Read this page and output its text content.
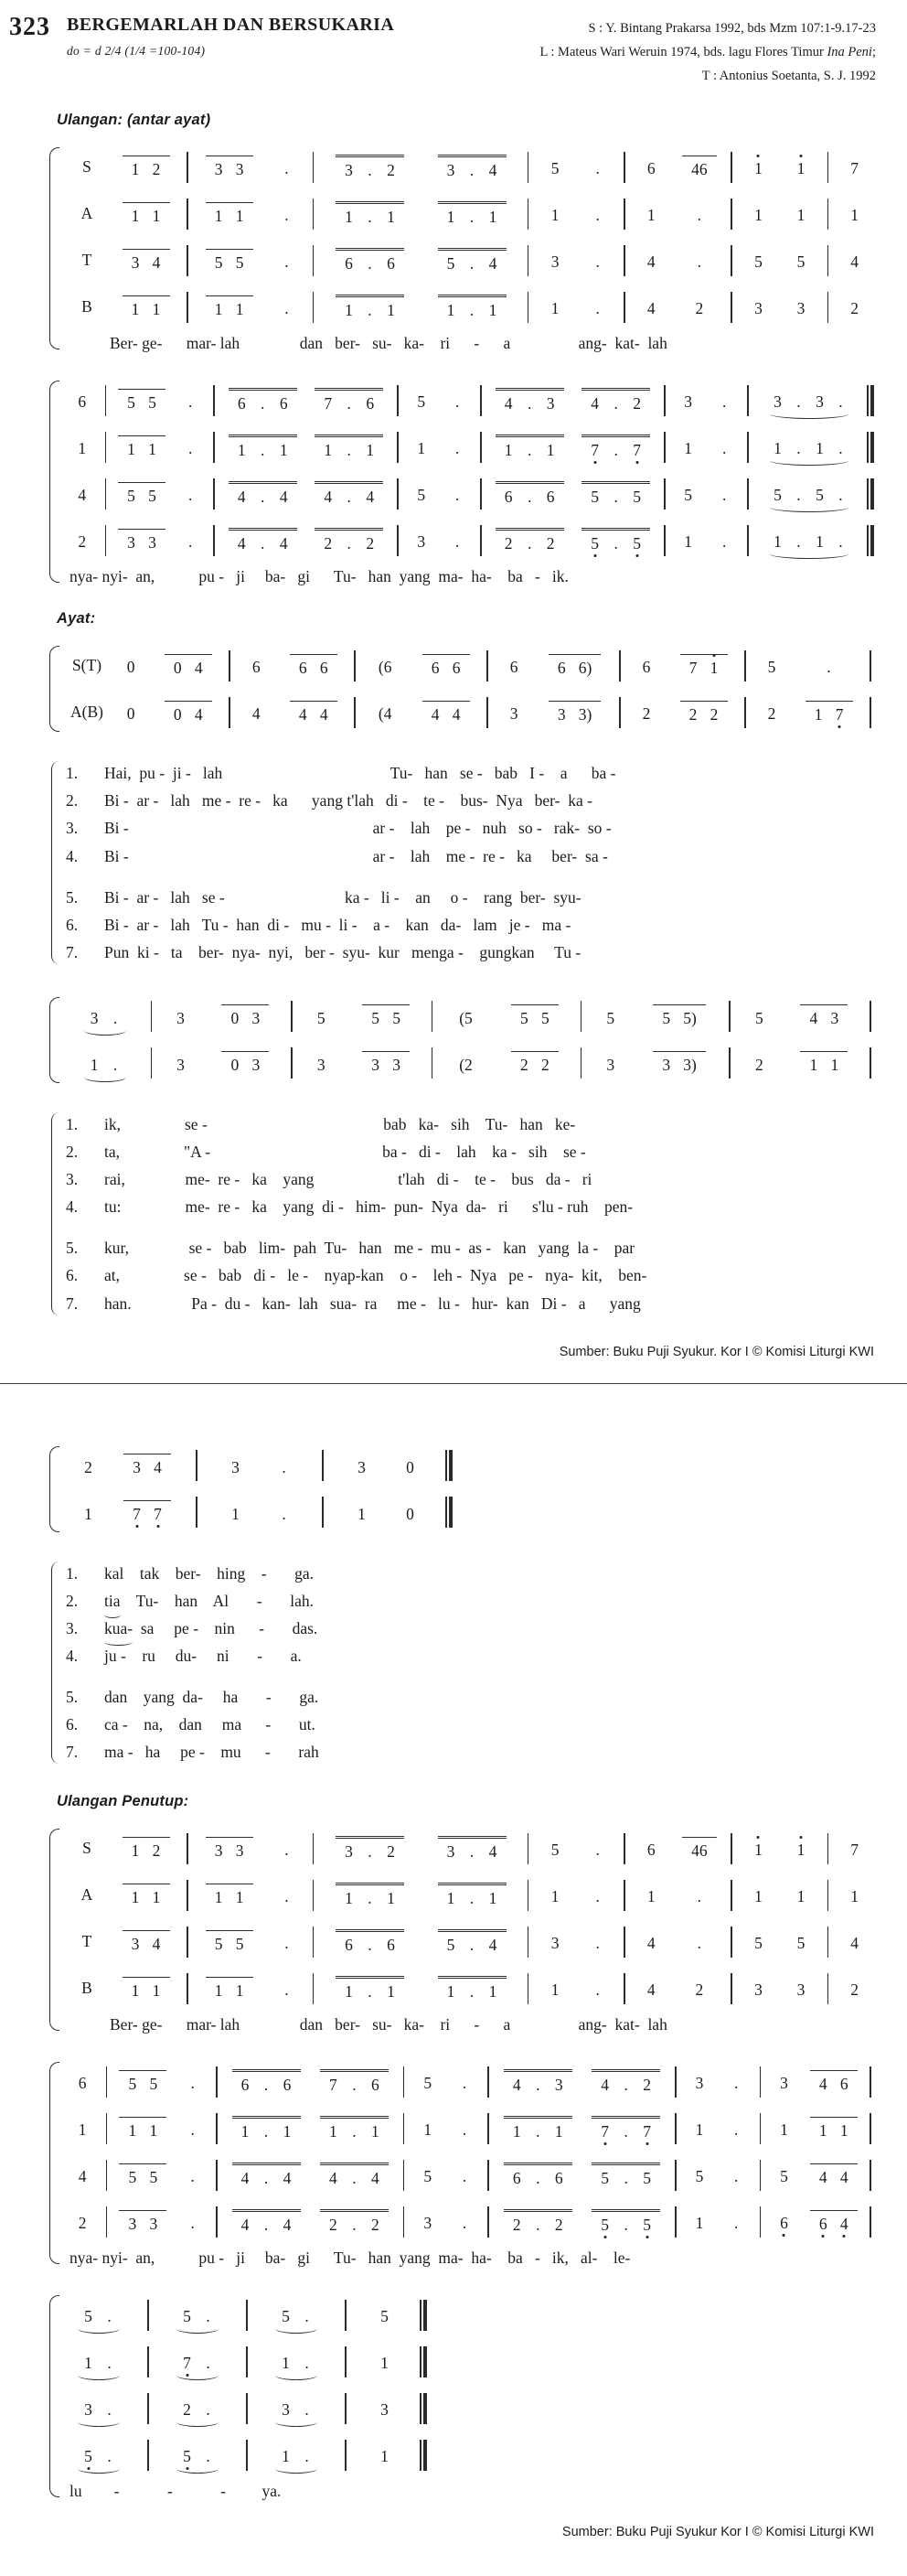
323 BERGEMARLAH DAN BERSUKARIA
do = d 2/4 (1/4 =100-104)
S : Y. Bintang Prakarsa 1992, bds Mzm 107:1-9.17-23
L : Mateus Wari Weruin 1974, bds. lagu Flores Timur Ina Peni;
T : Antonius Soetanta, S. J. 1992
Ulangan: (antar ayat)
S	1 2		3 3	.		3 . 2	3 . 4		5	.		6	46		1	1		7
A	1 1		1 1	.		1 . 1	1 . 1		1	.		1	.		1	1		1
T	3 4		5 5	.		6 . 6	5 . 4		3	.		4	.		5	5		4
B	1 1		1 1	.		1 . 1	1 . 1		1	.		4	2		3	3		2
Ber- ge-      mar- lah               dan   ber-   su-   ka-    ri      -      a                 ang-  kat-  lah
6		5 5	.		6 . 6	7 . 6		5	.		4 . 3	4 . 2		3	.		3 . 3 .	
1		1 1	.		1 . 1	1 . 1		1	.		1 . 1	7 . 7		1	.		1 . 1 .	
4		5 5	.		4 . 4	4 . 4		5	.		6 . 6	5 . 5		5	.		5 . 5 .	
2		3 3	.		4 . 4	2 . 2		3	.		2 . 2	5 . 5		1	.		1 . 1 .	
nya- nyi-  an,           pu -   ji     ba-   gi      Tu-   han  yang  ma-  ha-    ba   -   ik.
Ayat:
S(T)	0	0 4		6	6 6		(6	6 6		6	6 6)		6	7 1		5	.	
A(B)	0	0 4		4	4 4		(4	4 4		3	3 3)		2	2 2		2	1 7	
1.	Hai,  pu -  ji -   lah                                          Tu-   han   se -   bab   I -    a      ba -
2.	Bi -  ar -   lah   me -  re -   ka      yang t'lah   di -    te -    bus-  Nya   ber-  ka -
3.	Bi -                                                             ar -    lah    pe -   nuh   so -   rak-  so -
4.	Bi -                                                             ar -    lah    me -  re -   ka     ber-  sa -
5.	Bi -  ar -   lah   se -                              ka -   li -    an     o -    rang  ber-  syu-
6.	Bi -  ar -   lah   Tu -  han  di -   mu -  li -    a -    kan   da-   lam   je -   ma -
7.	Pun  ki -   ta    ber-  nya-  nyi,   ber -  syu-  kur   menga -    gungkan     Tu -
3 .		3	0 3		5	5 5		(5	5 5		5	5 5)		5	4 3	
1 .		3	0 3		3	3 3		(2	2 2		3	3 3)		2	1 1	
1.	ik,                se -                                            bab   ka-   sih    Tu-   han   ke-
2.	ta,                "A -                                           ba -   di -    lah    ka -   sih    se -
3.	rai,               me-  re -   ka    yang                     t'lah   di -    te -    bus   da -   ri
4.	tu:                me-  re -   ka    yang  di -   him-  pun-  Nya  da-   ri      s'lu - ruh    pen-
5.	kur,               se -   bab   lim-  pah  Tu-   han   me -  mu -  as -   kan   yang  la -    par
6.	at,                se -   bab   di -   le -    nyap-kan    o -    leh -  Nya   pe -   nya-  kit,    ben-
7.	han.               Pa -  du -   kan-  lah   sua-  ra     me -   lu -   hur-  kan   Di -   a      yang
Sumber: Buku Puji Syukur. Kor I © Komisi Liturgi KWI
2	3 4		3	.		3	0	
1	7 7		1	.		1	0	
1.	kal    tak    ber-    hing    -       ga.
2.	tia    Tu-    han    Al       -       lah.
3.	kua-  sa     pe -    nin      -       das.
4.	ju -    ru     du-     ni       -       a.
5.	dan    yang  da-     ha       -       ga.
6.	ca -    na,    dan     ma      -       ut.
7.	ma -   ha     pe -    mu      -       rah
Ulangan Penutup:
S	1 2		3 3	.		3 . 2	3 . 4		5	.		6	46		1	1		7
A	1 1		1 1	.		1 . 1	1 . 1		1	.		1	.		1	1		1
T	3 4		5 5	.		6 . 6	5 . 4		3	.		4	.		5	5		4
B	1 1		1 1	.		1 . 1	1 . 1		1	.		4	2		3	3		2
Ber- ge-      mar- lah               dan   ber-   su-   ka-    ri      -      a                 ang-  kat-  lah
6		5 5	.		6 . 6	7 . 6		5	.		4 . 3	4 . 2		3	.		3	4 6	
1		1 1	.		1 . 1	1 . 1		1	.		1 . 1	7 . 7		1	.		1	1 1	
4		5 5	.		4 . 4	4 . 4		5	.		6 . 6	5 . 5		5	.		5	4 4	
2		3 3	.		4 . 4	2 . 2		3	.		2 . 2	5 . 5		1	.		6	6 4	
nya- nyi-  an,           pu -   ji     ba-   gi      Tu-   han  yang  ma-  ha-    ba   -   ik,   al-    le-
5 .		5 .		5 .		5	
1 .		7 .		1 .		1	
3 .		2 .		3 .		3	
5 .		5 .		1 .		1	
lu        -            -            -         ya.
Sumber: Buku Puji Syukur Kor I © Komisi Liturgi KWI
